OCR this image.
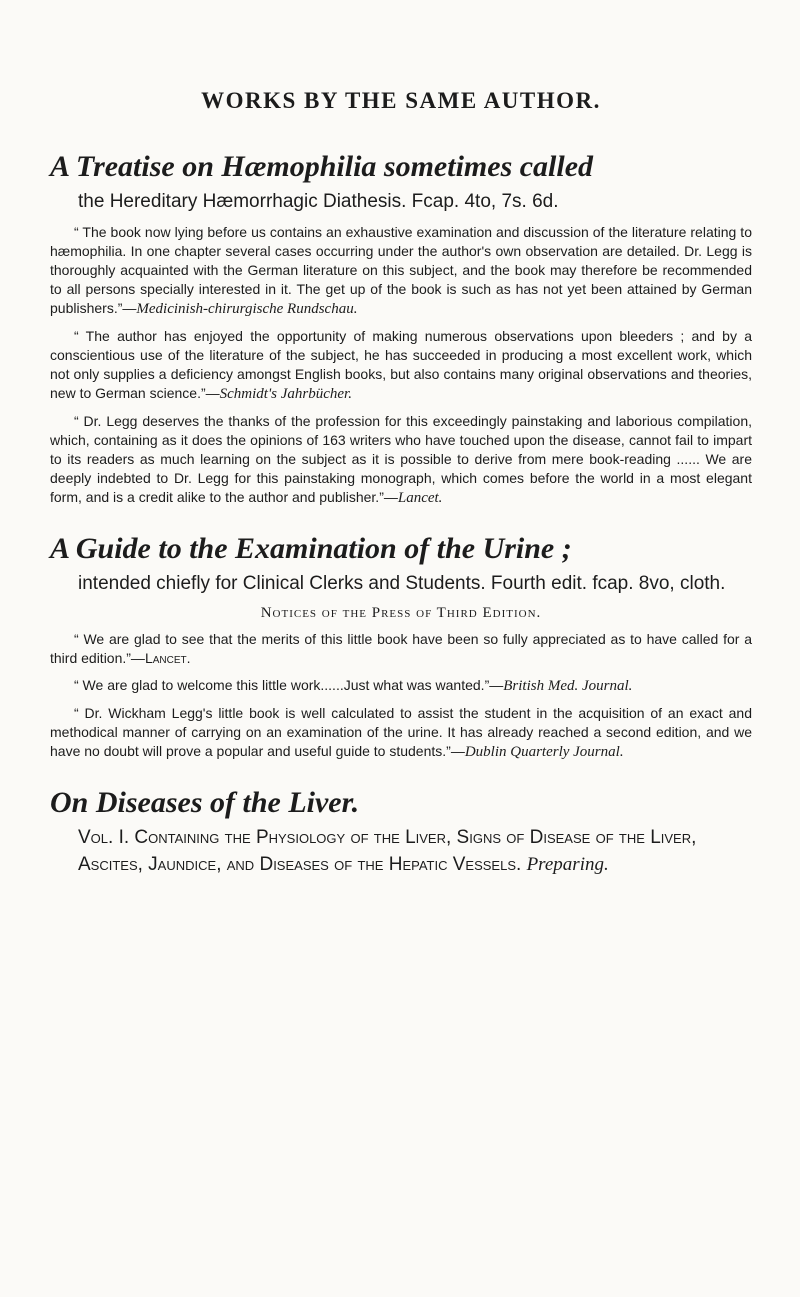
WORKS BY THE SAME AUTHOR.
A Treatise on Hæmophilia sometimes called

the Hereditary Hæmorrhagic Diathesis. Fcap. 4to, 7s. 6d.

“ The book now lying before us contains an exhaustive examination and discussion of the literature relating to hæmophilia. In one chapter several cases occurring under the author's own observation are detailed. Dr. Legg is thoroughly acquainted with the German literature on this subject, and the book may therefore be recommended to all persons specially interested in it. The get up of the book is such as has not yet been attained by German publishers.”—Medicinish-chirurgische Rundschau.

“ The author has enjoyed the opportunity of making numerous observations upon bleeders ; and by a conscientious use of the literature of the subject, he has succeeded in producing a most excellent work, which not only supplies a deficiency amongst English books, but also contains many original observations and theories, new to German science.”—Schmidt's Jahrbücher.

“ Dr. Legg deserves the thanks of the profession for this exceedingly painstaking and laborious compilation, which, containing as it does the opinions of 163 writers who have touched upon the disease, cannot fail to impart to its readers as much learning on the subject as it is possible to derive from mere book-reading ...... We are deeply indebted to Dr. Legg for this painstaking monograph, which comes before the world in a most elegant form, and is a credit alike to the author and publisher.”—Lancet.

A Guide to the Examination of the Urine ;

intended chiefly for Clinical Clerks and Students. Fourth edit. fcap. 8vo, cloth.

Notices of the Press of Third Edition.

“ We are glad to see that the merits of this little book have been so fully appreciated as to have called for a third edition.”—Lancet.

“ We are glad to welcome this little work......Just what was wanted.”—British Med. Journal.

“ Dr. Wickham Legg's little book is well calculated to assist the student in the acquisition of an exact and methodical manner of carrying on an examination of the urine. It has already reached a second edition, and we have no doubt will prove a popular and useful guide to students.”—Dublin Quarterly Journal.

On Diseases of the Liver.

Vol. I. Containing the Physiology of the Liver, Signs of Disease of the Liver, Ascites, Jaundice, and Diseases of the Hepatic Vessels. Preparing.
